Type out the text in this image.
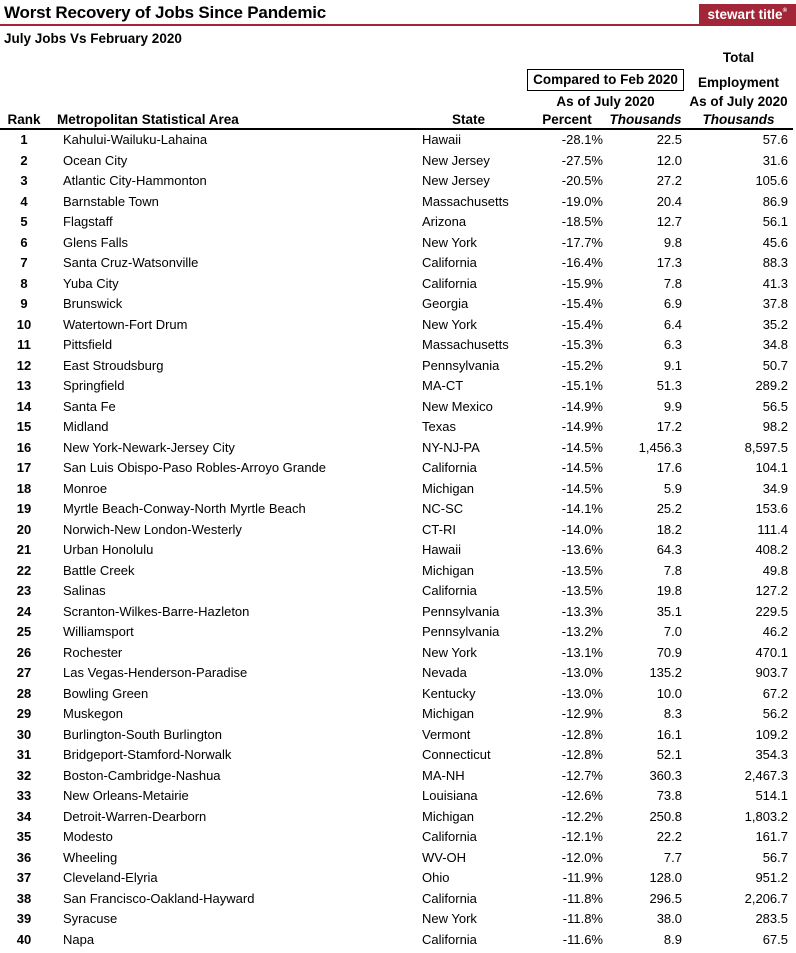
Worst Recovery of Jobs Since Pandemic	stewart title®
July Jobs Vs February 2020
					Total
			Compared to Feb 2020		Employment
			As of July 2020		As of July 2020
Rank	Metropolitan Statistical Area	State	Percent	Thousands	Thousands
1	Kahului-Wailuku-Lahaina	Hawaii	-28.1%	22.5	57.6
2	Ocean City	New Jersey	-27.5%	12.0	31.6
3	Atlantic City-Hammonton	New Jersey	-20.5%	27.2	105.6
4	Barnstable Town	Massachusetts	-19.0%	20.4	86.9
5	Flagstaff	Arizona	-18.5%	12.7	56.1
6	Glens Falls	New York	-17.7%	9.8	45.6
7	Santa Cruz-Watsonville	California	-16.4%	17.3	88.3
8	Yuba City	California	-15.9%	7.8	41.3
9	Brunswick	Georgia	-15.4%	6.9	37.8
10	Watertown-Fort Drum	New York	-15.4%	6.4	35.2
11	Pittsfield	Massachusetts	-15.3%	6.3	34.8
12	East Stroudsburg	Pennsylvania	-15.2%	9.1	50.7
13	Springfield	MA-CT	-15.1%	51.3	289.2
14	Santa Fe	New Mexico	-14.9%	9.9	56.5
15	Midland	Texas	-14.9%	17.2	98.2
16	New York-Newark-Jersey City	NY-NJ-PA	-14.5%	1,456.3	8,597.5
17	San Luis Obispo-Paso Robles-Arroyo Grande	California	-14.5%	17.6	104.1
18	Monroe	Michigan	-14.5%	5.9	34.9
19	Myrtle Beach-Conway-North Myrtle Beach	NC-SC	-14.1%	25.2	153.6
20	Norwich-New London-Westerly	CT-RI	-14.0%	18.2	111.4
21	Urban Honolulu	Hawaii	-13.6%	64.3	408.2
22	Battle Creek	Michigan	-13.5%	7.8	49.8
23	Salinas	California	-13.5%	19.8	127.2
24	Scranton-Wilkes-Barre-Hazleton	Pennsylvania	-13.3%	35.1	229.5
25	Williamsport	Pennsylvania	-13.2%	7.0	46.2
26	Rochester	New York	-13.1%	70.9	470.1
27	Las Vegas-Henderson-Paradise	Nevada	-13.0%	135.2	903.7
28	Bowling Green	Kentucky	-13.0%	10.0	67.2
29	Muskegon	Michigan	-12.9%	8.3	56.2
30	Burlington-South Burlington	Vermont	-12.8%	16.1	109.2
31	Bridgeport-Stamford-Norwalk	Connecticut	-12.8%	52.1	354.3
32	Boston-Cambridge-Nashua	MA-NH	-12.7%	360.3	2,467.3
33	New Orleans-Metairie	Louisiana	-12.6%	73.8	514.1
34	Detroit-Warren-Dearborn	Michigan	-12.2%	250.8	1,803.2
35	Modesto	California	-12.1%	22.2	161.7
36	Wheeling	WV-OH	-12.0%	7.7	56.7
37	Cleveland-Elyria	Ohio	-11.9%	128.0	951.2
38	San Francisco-Oakland-Hayward	California	-11.8%	296.5	2,206.7
39	Syracuse	New York	-11.8%	38.0	283.5
40	Napa	California	-11.6%	8.9	67.5
